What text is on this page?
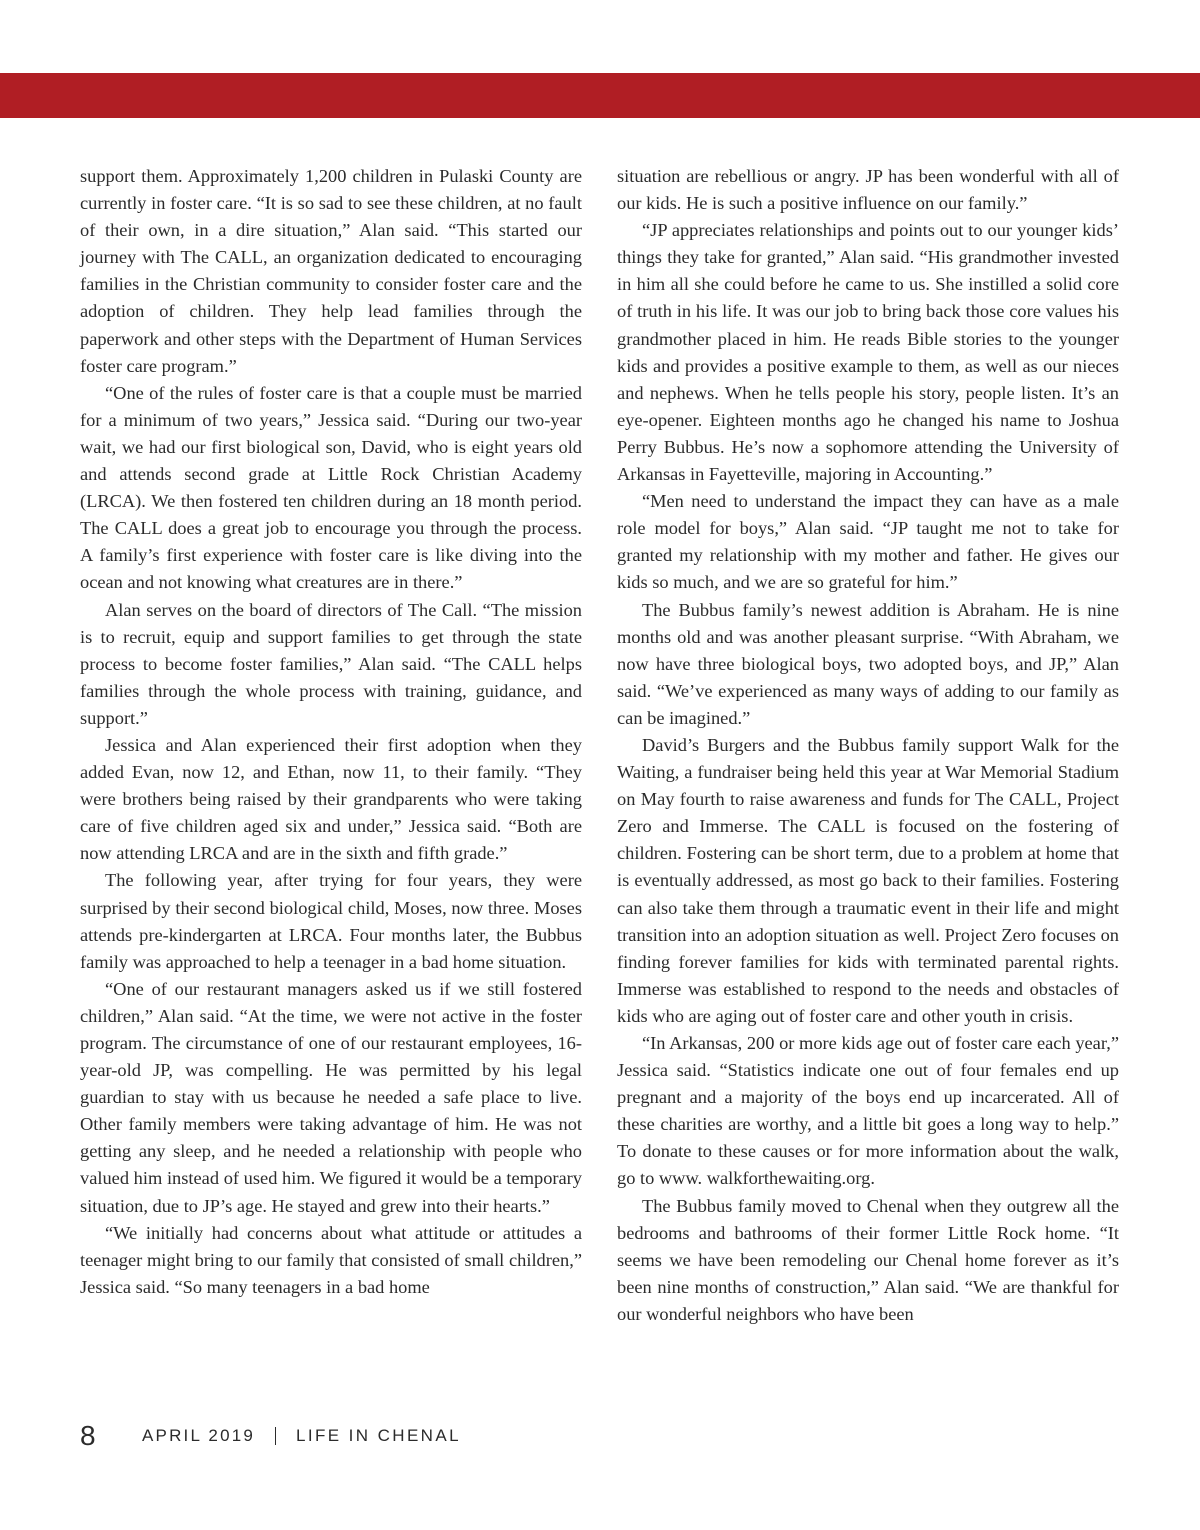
support them. Approximately 1,200 children in Pulaski County are currently in foster care. “It is so sad to see these children, at no fault of their own, in a dire situation,” Alan said. “This started our journey with The CALL, an organization dedicated to encouraging families in the Christian community to consider foster care and the adoption of children. They help lead families through the paperwork and other steps with the Department of Human Services foster care program.”

“One of the rules of foster care is that a couple must be married for a minimum of two years,” Jessica said. “During our two-year wait, we had our first biological son, David, who is eight years old and attends second grade at Little Rock Christian Academy (LRCA). We then fostered ten children during an 18 month period. The CALL does a great job to encourage you through the process. A family’s first experience with foster care is like diving into the ocean and not knowing what creatures are in there.”

Alan serves on the board of directors of The Call. “The mission is to recruit, equip and support families to get through the state process to become foster families,” Alan said. “The CALL helps families through the whole process with training, guidance, and support.”

Jessica and Alan experienced their first adoption when they added Evan, now 12, and Ethan, now 11, to their family. “They were brothers being raised by their grandparents who were taking care of five children aged six and under,” Jessica said. “Both are now attending LRCA and are in the sixth and fifth grade.”

The following year, after trying for four years, they were surprised by their second biological child, Moses, now three. Moses attends pre-kindergarten at LRCA. Four months later, the Bubbus family was approached to help a teenager in a bad home situation.

“One of our restaurant managers asked us if we still fostered children,” Alan said. “At the time, we were not active in the foster program. The circumstance of one of our restaurant employees, 16-year-old JP, was compelling. He was permitted by his legal guardian to stay with us because he needed a safe place to live. Other family members were taking advantage of him. He was not getting any sleep, and he needed a relationship with people who valued him instead of used him. We figured it would be a temporary situation, due to JP’s age. He stayed and grew into their hearts.”

“We initially had concerns about what attitude or attitudes a teenager might bring to our family that consisted of small children,” Jessica said. “So many teenagers in a bad home

situation are rebellious or angry. JP has been wonderful with all of our kids. He is such a positive influence on our family.”

“JP appreciates relationships and points out to our younger kids’ things they take for granted,” Alan said. “His grandmother invested in him all she could before he came to us. She instilled a solid core of truth in his life. It was our job to bring back those core values his grandmother placed in him. He reads Bible stories to the younger kids and provides a positive example to them, as well as our nieces and nephews. When he tells people his story, people listen. It’s an eye-opener. Eighteen months ago he changed his name to Joshua Perry Bubbus. He’s now a sophomore attending the University of Arkansas in Fayetteville, majoring in Accounting.”

“Men need to understand the impact they can have as a male role model for boys,” Alan said. “JP taught me not to take for granted my relationship with my mother and father. He gives our kids so much, and we are so grateful for him.”

The Bubbus family’s newest addition is Abraham. He is nine months old and was another pleasant surprise. “With Abraham, we now have three biological boys, two adopted boys, and JP,” Alan said. “We’ve experienced as many ways of adding to our family as can be imagined.”

David’s Burgers and the Bubbus family support Walk for the Waiting, a fundraiser being held this year at War Memorial Stadium on May fourth to raise awareness and funds for The CALL, Project Zero and Immerse. The CALL is focused on the fostering of children. Fostering can be short term, due to a problem at home that is eventually addressed, as most go back to their families. Fostering can also take them through a traumatic event in their life and might transition into an adoption situation as well. Project Zero focuses on finding forever families for kids with terminated parental rights. Immerse was established to respond to the needs and obstacles of kids who are aging out of foster care and other youth in crisis.

“In Arkansas, 200 or more kids age out of foster care each year,” Jessica said. “Statistics indicate one out of four females end up pregnant and a majority of the boys end up incarcerated. All of these charities are worthy, and a little bit goes a long way to help.” To donate to these causes or for more information about the walk, go to www. walkforthewaiting.org.

The Bubbus family moved to Chenal when they outgrew all the bedrooms and bathrooms of their former Little Rock home. “It seems we have been remodeling our Chenal home forever as it’s been nine months of construction,” Alan said. “We are thankful for our wonderful neighbors who have been

8	APRIL 2019 LIFE IN CHENAL
